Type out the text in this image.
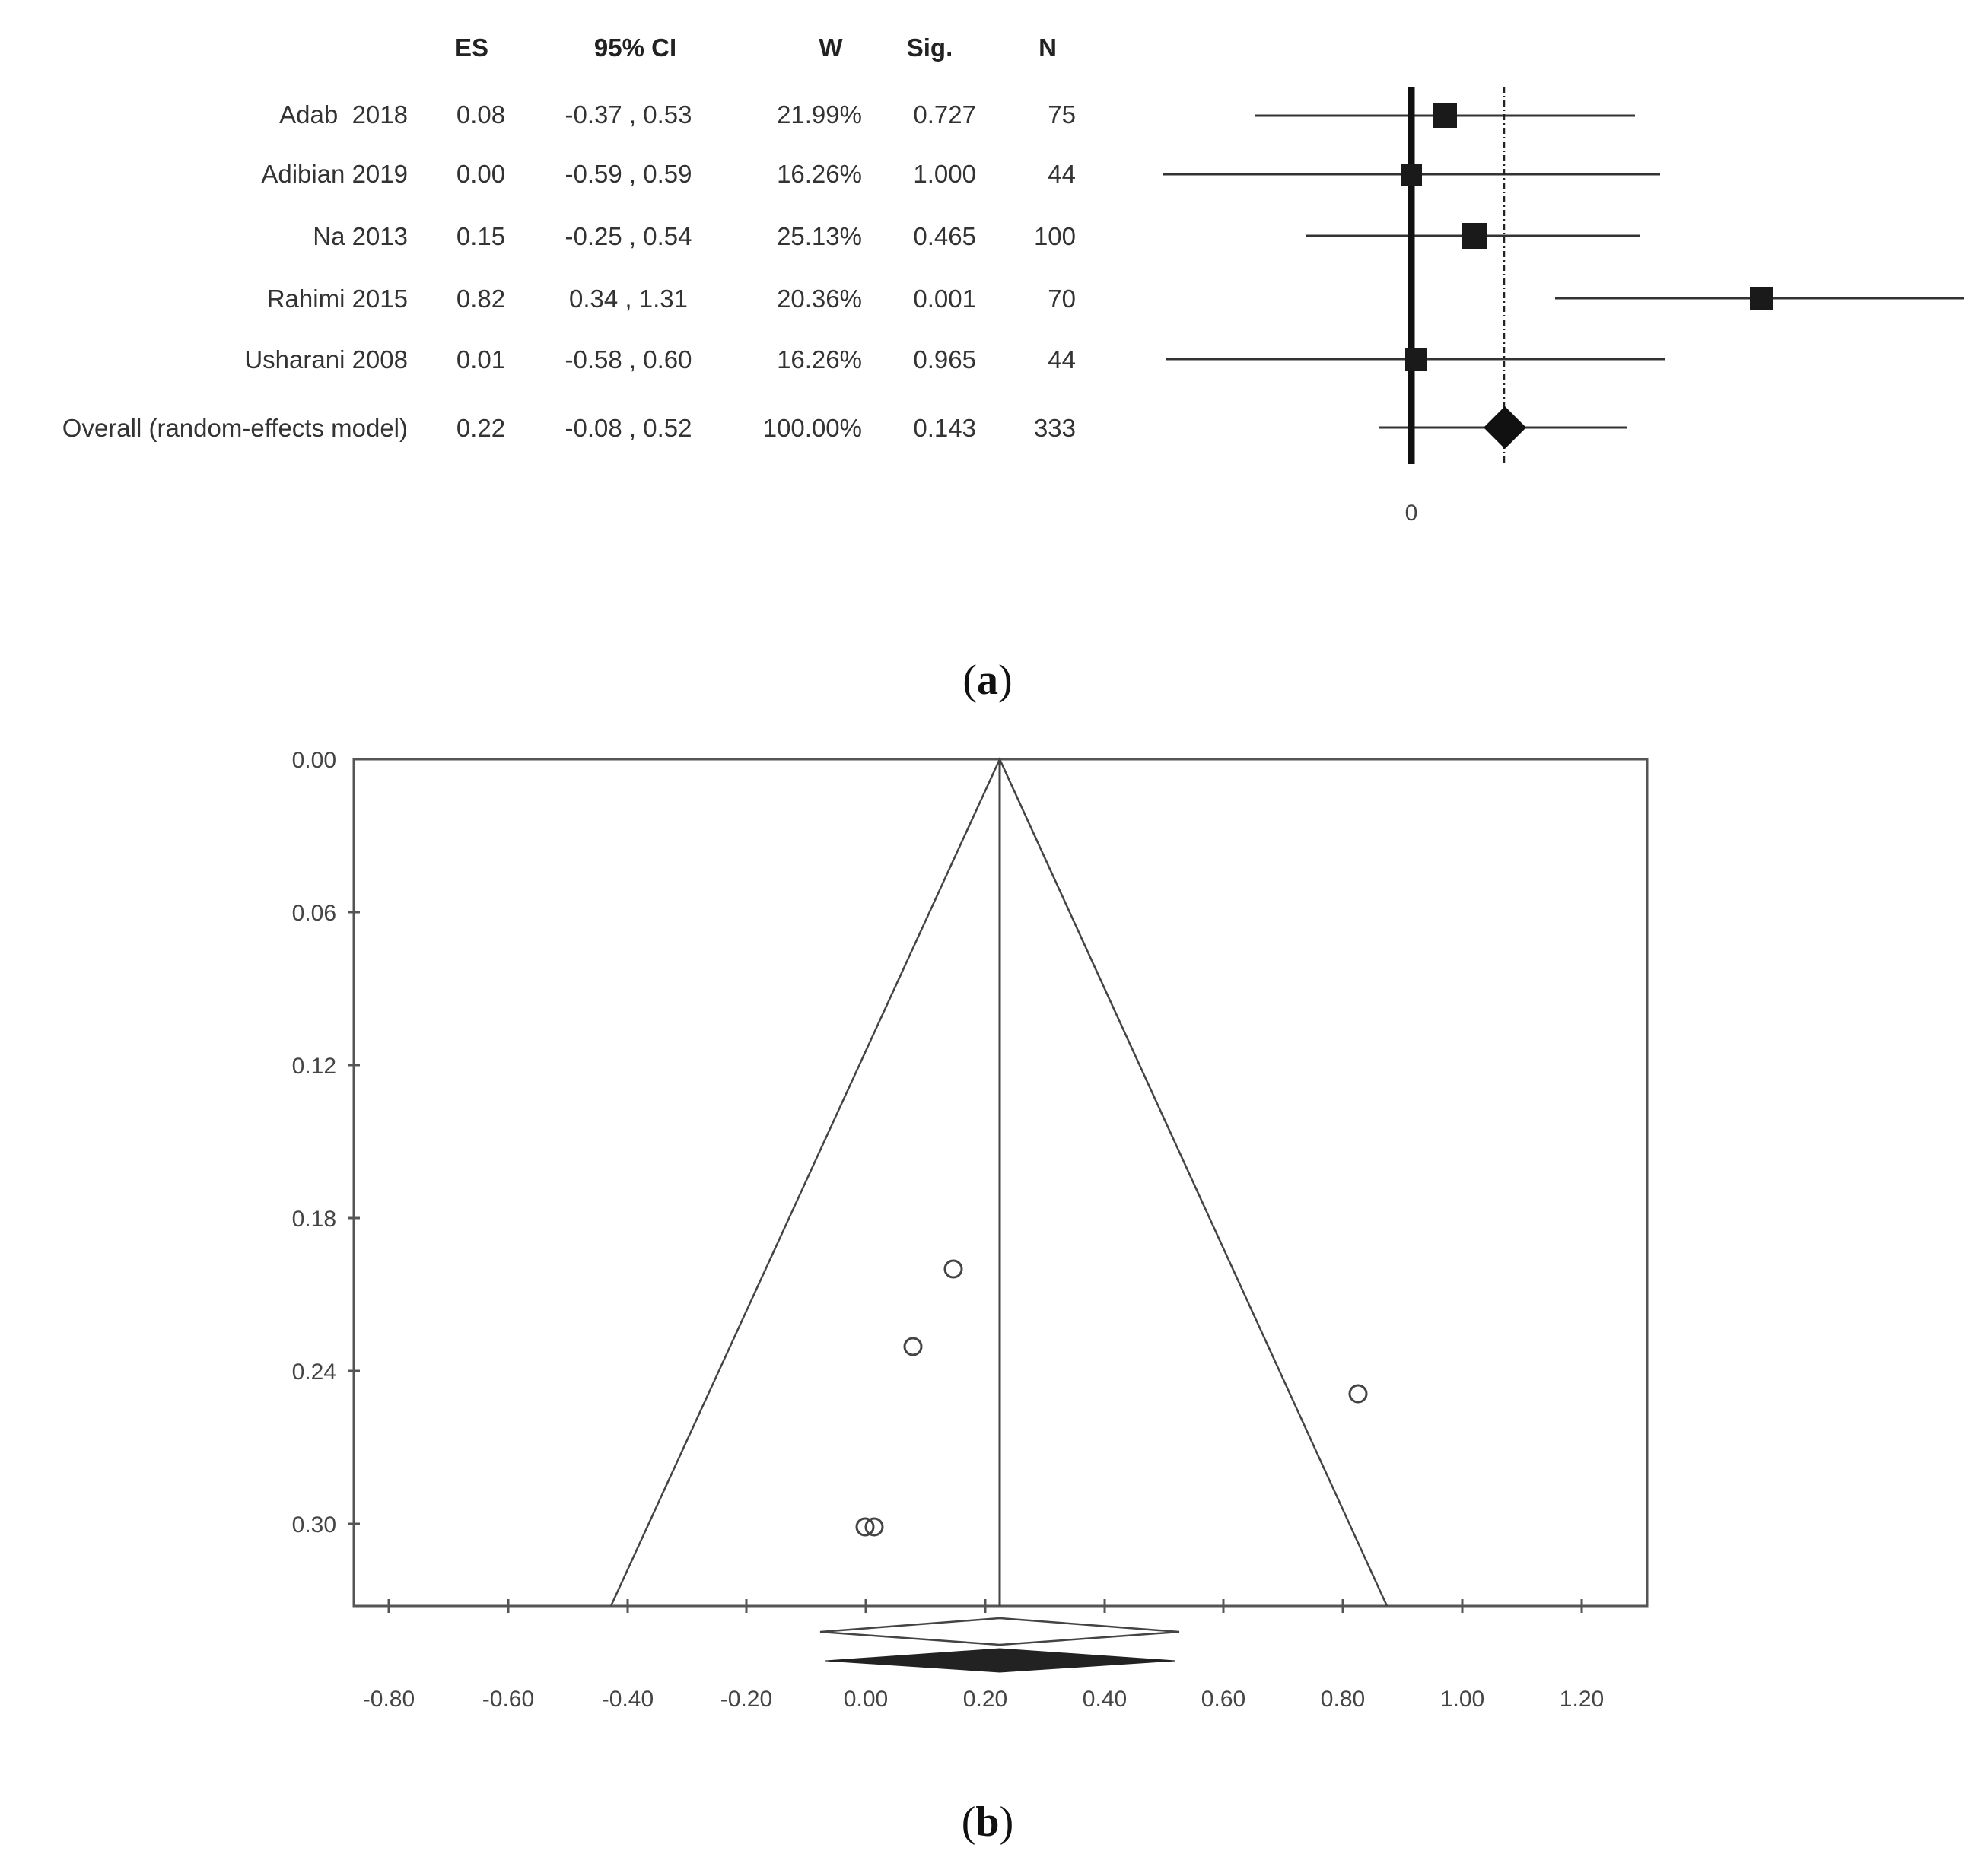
ES	95% CI	W	Sig.	N
Adab  2018 0.08 -0.37 , 0.53	21.99% 0.727	75
Adibian 2019 0.00 -0.59 , 0.59	16.26% 1.000	44
Na 2013 0.15 -0.25 , 0.54	25.13% 0.465 100
Rahimi 2015 0.82	0.34 , 1.31	20.36% 0.001	70
Usharani 2008 0.01 -0.58 , 0.60	16.26% 0.965	44
Overall (random-effects model) 0.22 -0.08 , 0.52	100.00% 0.143 333
0
(a)
0.00
0.06
0.12
0.18
0.24
0.30
-0.80	-0.60	-0.40	-0.20	0.00	0.20	0.40	0.60	0.80	1.00	1.20
(b)
